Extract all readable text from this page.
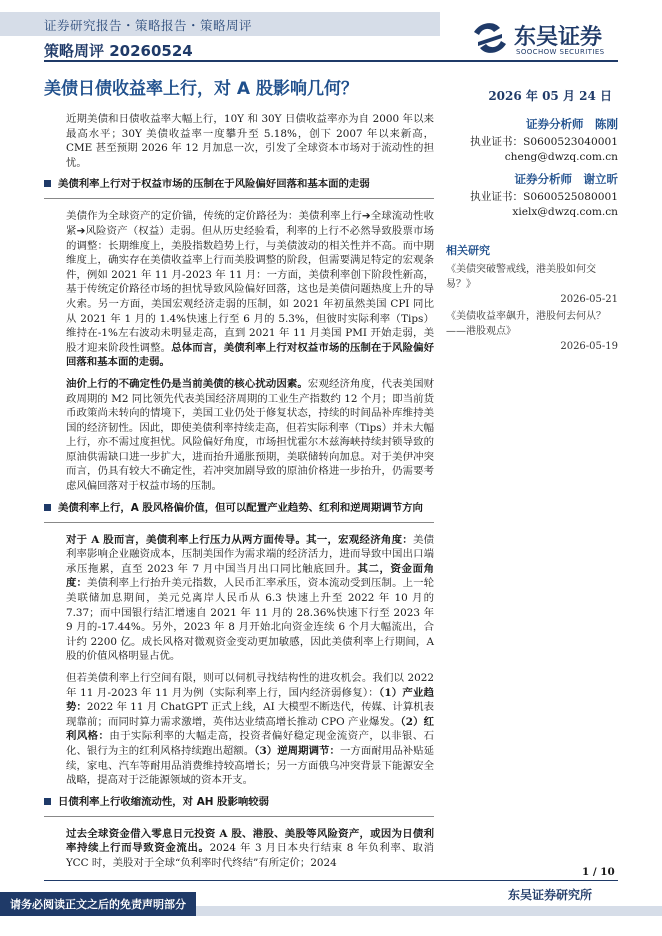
证券研究报告・策略报告・策略周评
策略周评 20260524
东吴证券
SOOCHOW SECURITIES
美债日债收益率上行，对 A 股影响几何？	2026 年 05 月 24 日
近期美债和日债收益率大幅上行，10Y 和 30Y 日债收益率亦为自 2000 年以来最高水平；30Y 美债收益率一度攀升至 5.18%，创下 2007 年以来新高，CME 甚至预期 2026 年 12 月加息一次，引发了全球资本市场对于流动性的担忧。
美债利率上行对于权益市场的压制在于风险偏好回落和基本面的走弱
美债作为全球资产的定价锚，传统的定价路径为：美债利率上行➔全球流动性收紧➔风险资产（权益）走弱。但从历史经验看，利率的上行不必然导致股票市场的调整：长期维度上，美股指数趋势上行，与美债波动的相关性并不高。而中期维度上，确实存在美债收益率上行而美股调整的阶段，但需要满足特定的宏观条件，例如 2021 年 11 月-2023 年 11 月：一方面，美债利率创下阶段性新高，基于传统定价路径市场的担忧导致风险偏好回落，这也是美债问题热度上升的导火索。另一方面，美国宏观经济走弱的压制，如 2021 年初虽然美国 CPI 同比从 2021 年 1 月的 1.4%快速上行至 6 月的 5.3%，但彼时实际利率（Tips）维持在-1%左右波动未明显走高，直到 2021 年 11 月美国 PMI 开始走弱，美股才迎来阶段性调整。总体而言，美债利率上行对权益市场的压制在于风险偏好回落和基本面的走弱。
油价上行的不确定性仍是当前美债的核心扰动因素。宏观经济角度，代表美国财政周期的 M2 同比领先代表美国经济周期的工业生产指数约 12 个月；即当前货币政策尚未转向的情境下，美国工业仍处于修复状态，持续的时间品补库维持美国的经济韧性。因此，即使美债利率持续走高，但若实际利率（Tips）并未大幅上行，亦不需过度担忧。风险偏好角度，市场担忧霍尔木兹海峡持续封锁导致的原油供需缺口进一步扩大，进而抬升通胀预期，美联储转向加息。对于美伊冲突而言，仍具有较大不确定性，若冲突加剧导致的原油价格进一步抬升，仍需要考虑风偏回落对于权益市场的压制。
美债利率上行，A 股风格偏价值，但可以配置产业趋势、红利和逆周期调节方向
对于 A 股而言，美债利率上行压力从两方面传导。其一，宏观经济角度：美债利率影响企业融资成本，压制美国作为需求端的经济活力，进而导致中国出口端承压拖累，直至 2023 年 7 月中国当月出口同比触底回升。其二，资金面角度：美债利率上行抬升美元指数，人民币汇率承压，资本流动受到压制。上一轮美联储加息期间，美元兑离岸人民币从 6.3 快速上升至 2022 年 10 月的 7.37；而中国银行结汇增速自 2021 年 11 月的 28.36%快速下行至 2023 年 9 月的-17.44%。另外，2023 年 8 月开始北向资金连续 6 个月大幅流出，合计约 2200 亿。成长风格对微观资金变动更加敏感，因此美债利率上行期间，A 股的价值风格明显占优。
但若美债利率上行空间有限，则可以伺机寻找结构性的进攻机会。我们以 2022 年 11 月-2023 年 11 月为例（实际利率上行，国内经济弱修复）：（1）产业趋势：2022 年 11 月 ChatGPT 正式上线，AI 大模型不断迭代，传媒、计算机表现靠前；而同时算力需求激增，英伟达业绩高增长推动 CPO 产业爆发。（2）红利风格：由于实际利率的大幅走高，投资者偏好稳定现金流资产，以非银、石化、银行为主的红利风格持续跑出超额。（3）逆周期调节：一方面耐用品补贴延续，家电、汽车等耐用品消费维持较高增长；另一方面俄乌冲突背景下能源安全战略，提高对于泛能源领域的资本开支。
日债利率上行收缩流动性，对 AH 股影响较弱
过去全球资金借入零息日元投资 A 股、港股、美股等风险资产，或因为日债利率持续上行而导致资金流出。2024 年 3 月日本央行结束 8 年负利率、取消 YCC 时，美股对于全球“负利率时代终结”有所定价；2024
证券分析师　陈刚
执业证书：S0600523040001
cheng@dwzq.com.cn
证券分析师　谢立昕
执业证书：S0600525080001
xielx@dwzq.com.cn
相关研究
《美债突破警戒线，港美股如何交易？》
2026-05-21
《美债收益率飙升，港股何去何从？——港股观点》
2026-05-19
1 / 10
东吴证券研究所
请务必阅读正文之后的免责声明部分
